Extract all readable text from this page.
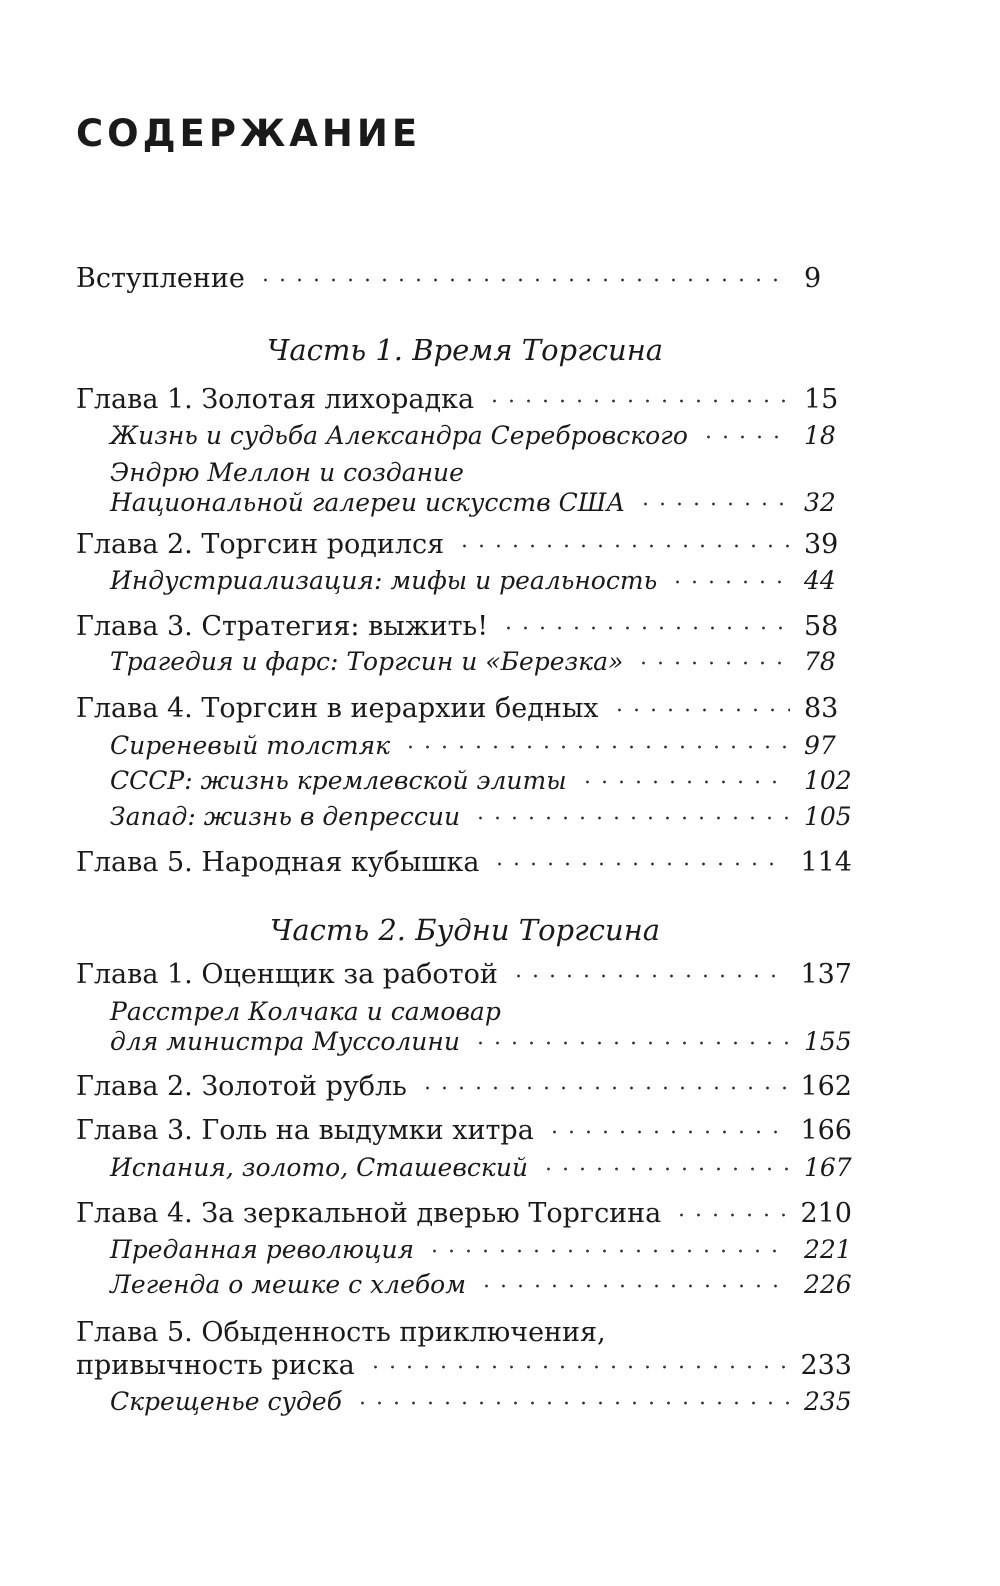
СОДЕРЖАНИЕ
Вступление	9
Часть 1. Время Торгсина
Глава 1. Золотая лихорадка	15
Жизнь и судьба Александра Серебровского	18
Эндрю Меллон и создание
Национальной галереи искусств США	32
Глава 2. Торгсин родился	39
Индустриализация: мифы и реальность	44
Глава 3. Стратегия: выжить!	58
Трагедия и фарс: Торгсин и «Березка»	78
Глава 4. Торгсин в иерархии бедных	83
Сиреневый толстяк	97
СССР: жизнь кремлевской элиты	102
Запад: жизнь в депрессии	105
Глава 5. Народная кубышка	114
Часть 2. Будни Торгсина
Глава 1. Оценщик за работой	137
Расстрел Колчака и самовар
для министра Муссолини	155
Глава 2. Золотой рубль	162
Глава 3. Голь на выдумки хитра	166
Испания, золото, Сташевский	167
Глава 4. За зеркальной дверью Торгсина	210
Преданная революция	221
Легенда о мешке с хлебом	226
Глава 5. Обыденность приключения,
привычность риска	233
Скрещенье судеб	235
